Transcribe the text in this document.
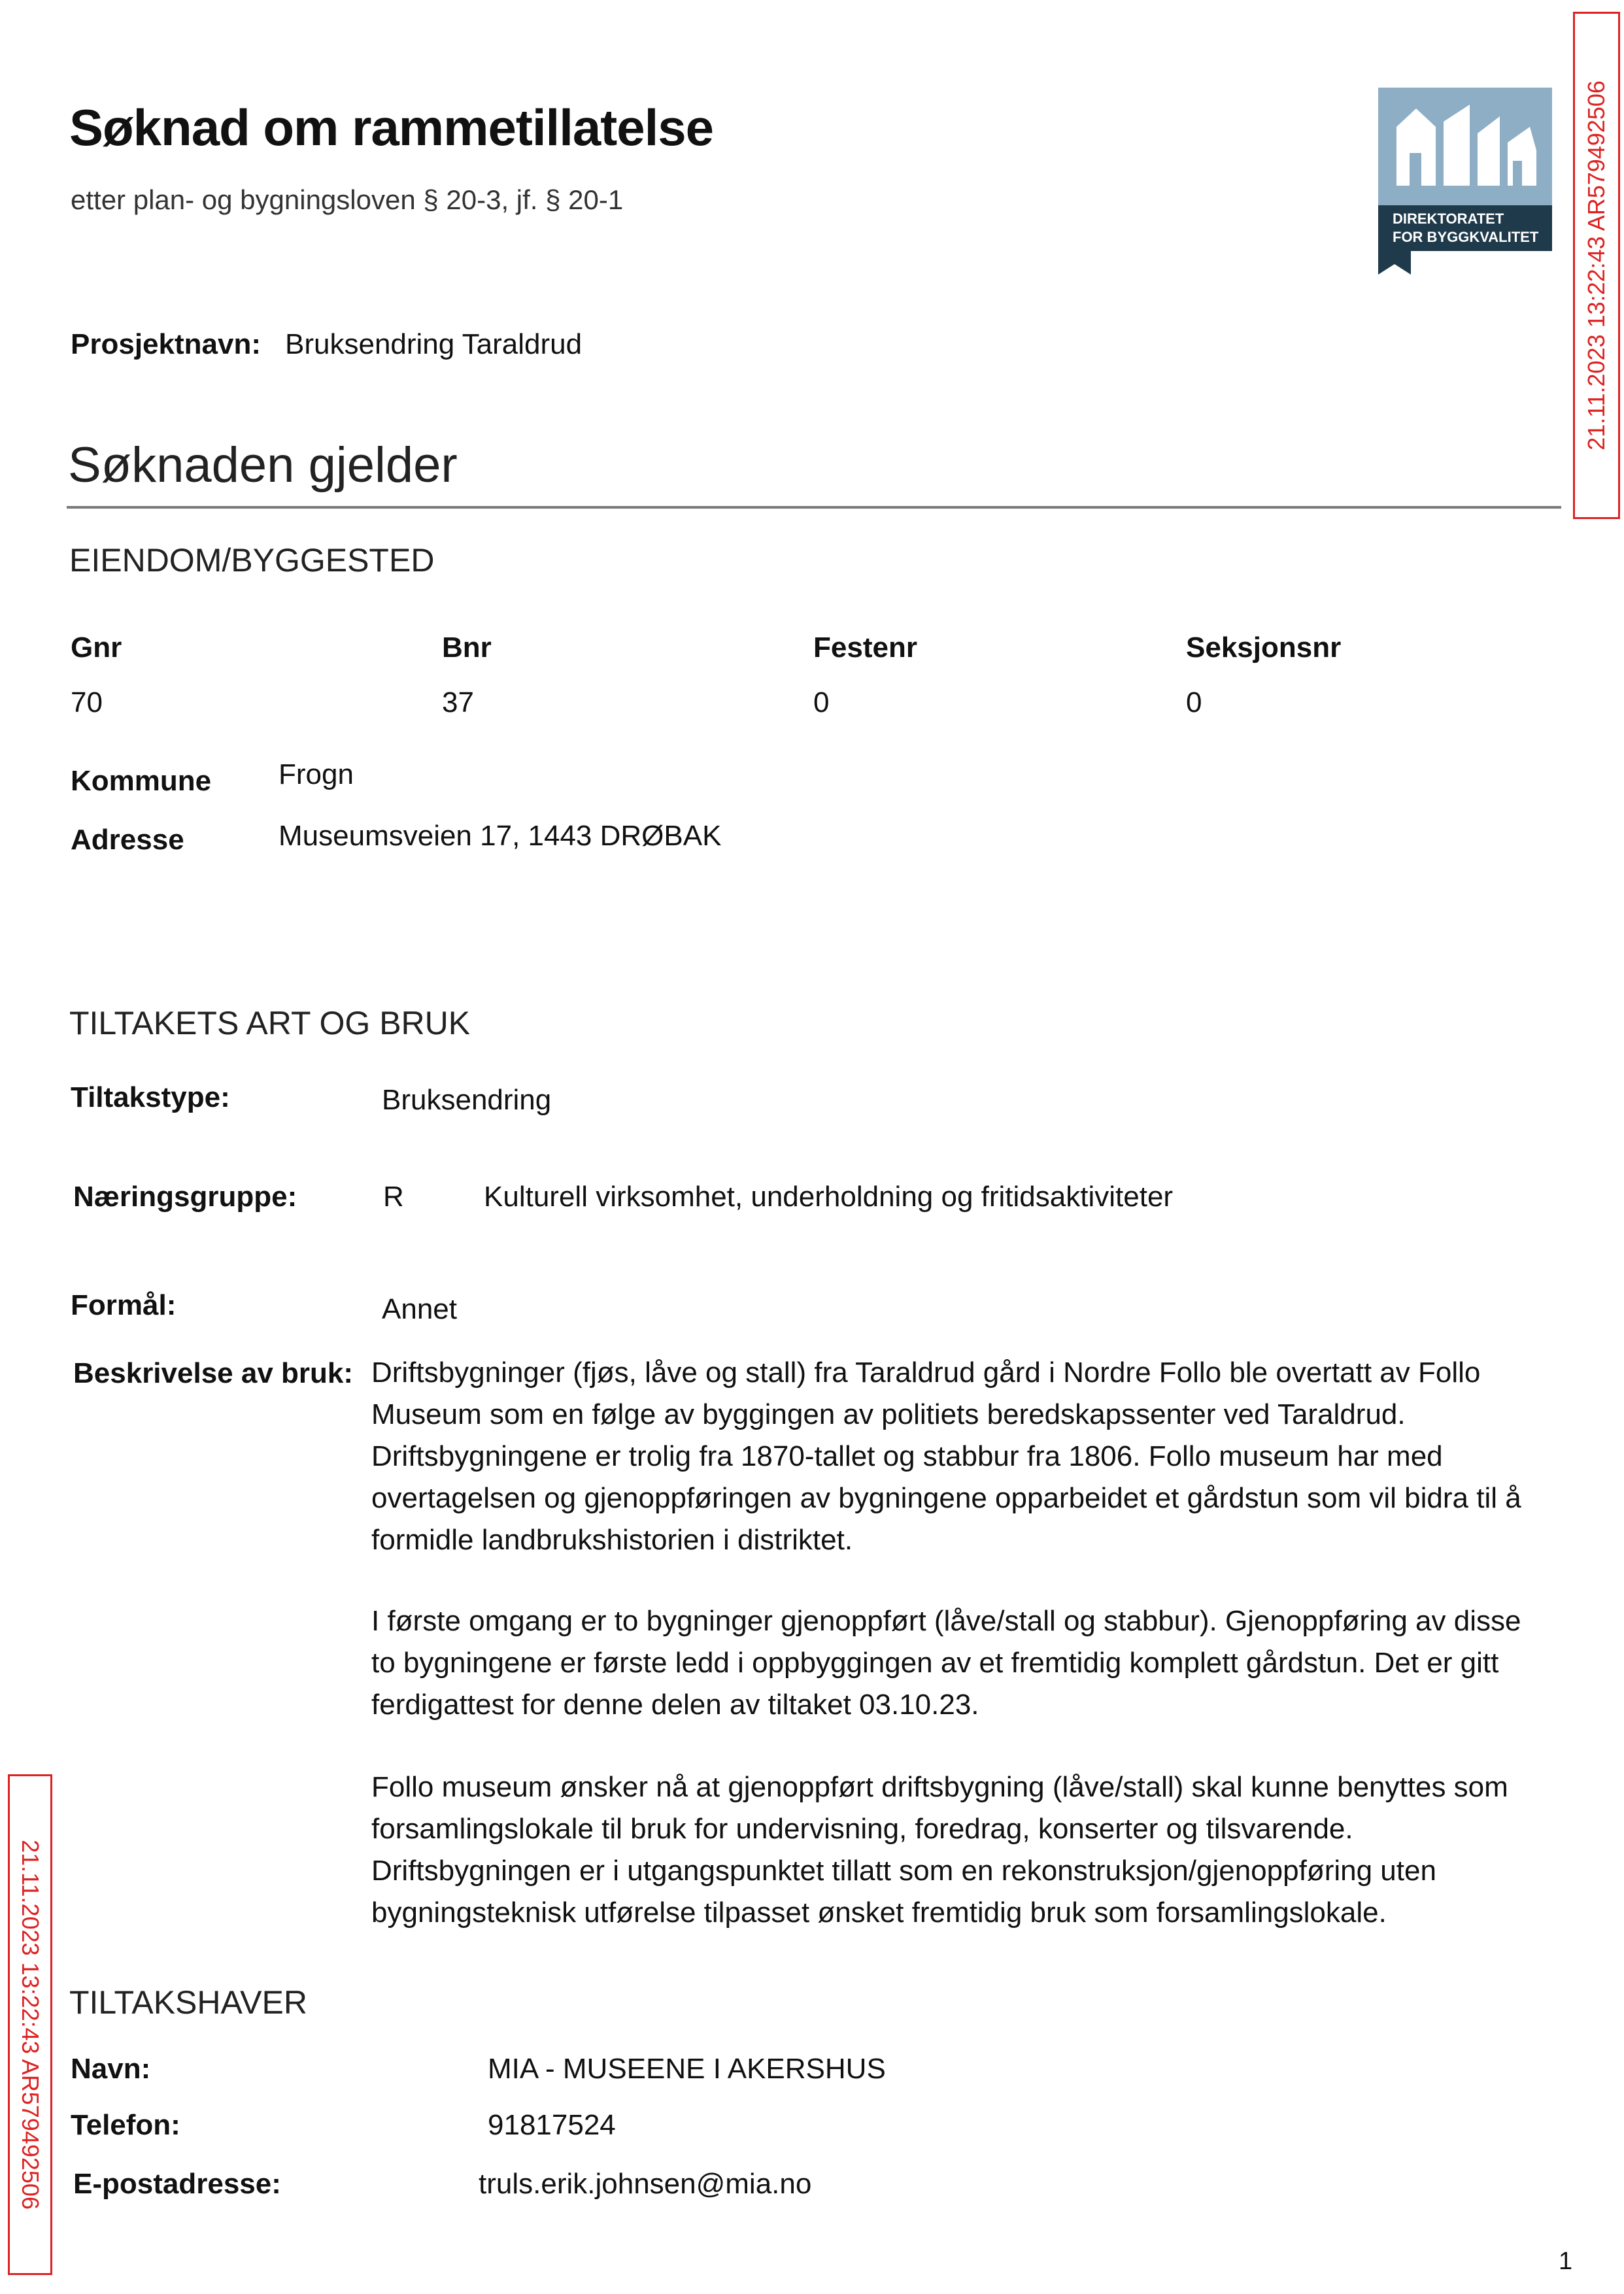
Søknad om rammetillatelse
etter plan- og bygningsloven § 20-3, jf. § 20-1
DIREKTORATET
FOR BYGGKVALITET 21.11.2023 13:22:43 AR579492506
21.11.2023 13:22:43 AR579492506
Prosjektnavn: Bruksendring Taraldrud
Søknaden gjelder
EIENDOM/BYGGESTED
Gnr	Bnr	Festenr	Seksjonsnr
70	37	0	0
Kommune Frogn
Adresse	Museumsveien 17, 1443 DRØBAK
TILTAKETS ART OG BRUK
Tiltakstype:	Bruksendring
Næringsgruppe:	R	Kulturell virksomhet, underholdning og fritidsaktiviteter
Formål:	Annet
Beskrivelse av bruk: Driftsbygninger (fjøs, låve og stall) fra Taraldrud gård i Nordre Follo ble overtatt av Follo Museum som en følge av byggingen av politiets beredskapssenter ved Taraldrud. Driftsbygningene er trolig fra 1870-tallet og stabbur fra 1806. Follo museum har med overtagelsen og gjenoppføringen av bygningene opparbeidet et gårdstun som vil bidra til å formidle landbrukshistorien i distriktet.
I første omgang er to bygninger gjenoppført (låve/stall og stabbur). Gjenoppføring av disse to bygningene er første ledd i oppbyggingen av et fremtidig komplett gårdstun. Det er gitt ferdigattest for denne delen av tiltaket 03.10.23.
Follo museum ønsker nå at gjenoppført driftsbygning (låve/stall) skal kunne benyttes som forsamlingslokale til bruk for undervisning, foredrag, konserter og tilsvarende. Driftsbygningen er i utgangspunktet tillatt som en rekonstruksjon/gjenoppføring uten bygningsteknisk utførelse tilpasset ønsket fremtidig bruk som forsamlingslokale.
TILTAKSHAVER
Navn:	MIA - MUSEENE I AKERSHUS
Telefon:	91817524
E-postadresse:	truls.erik.johnsen@mia.no
1
